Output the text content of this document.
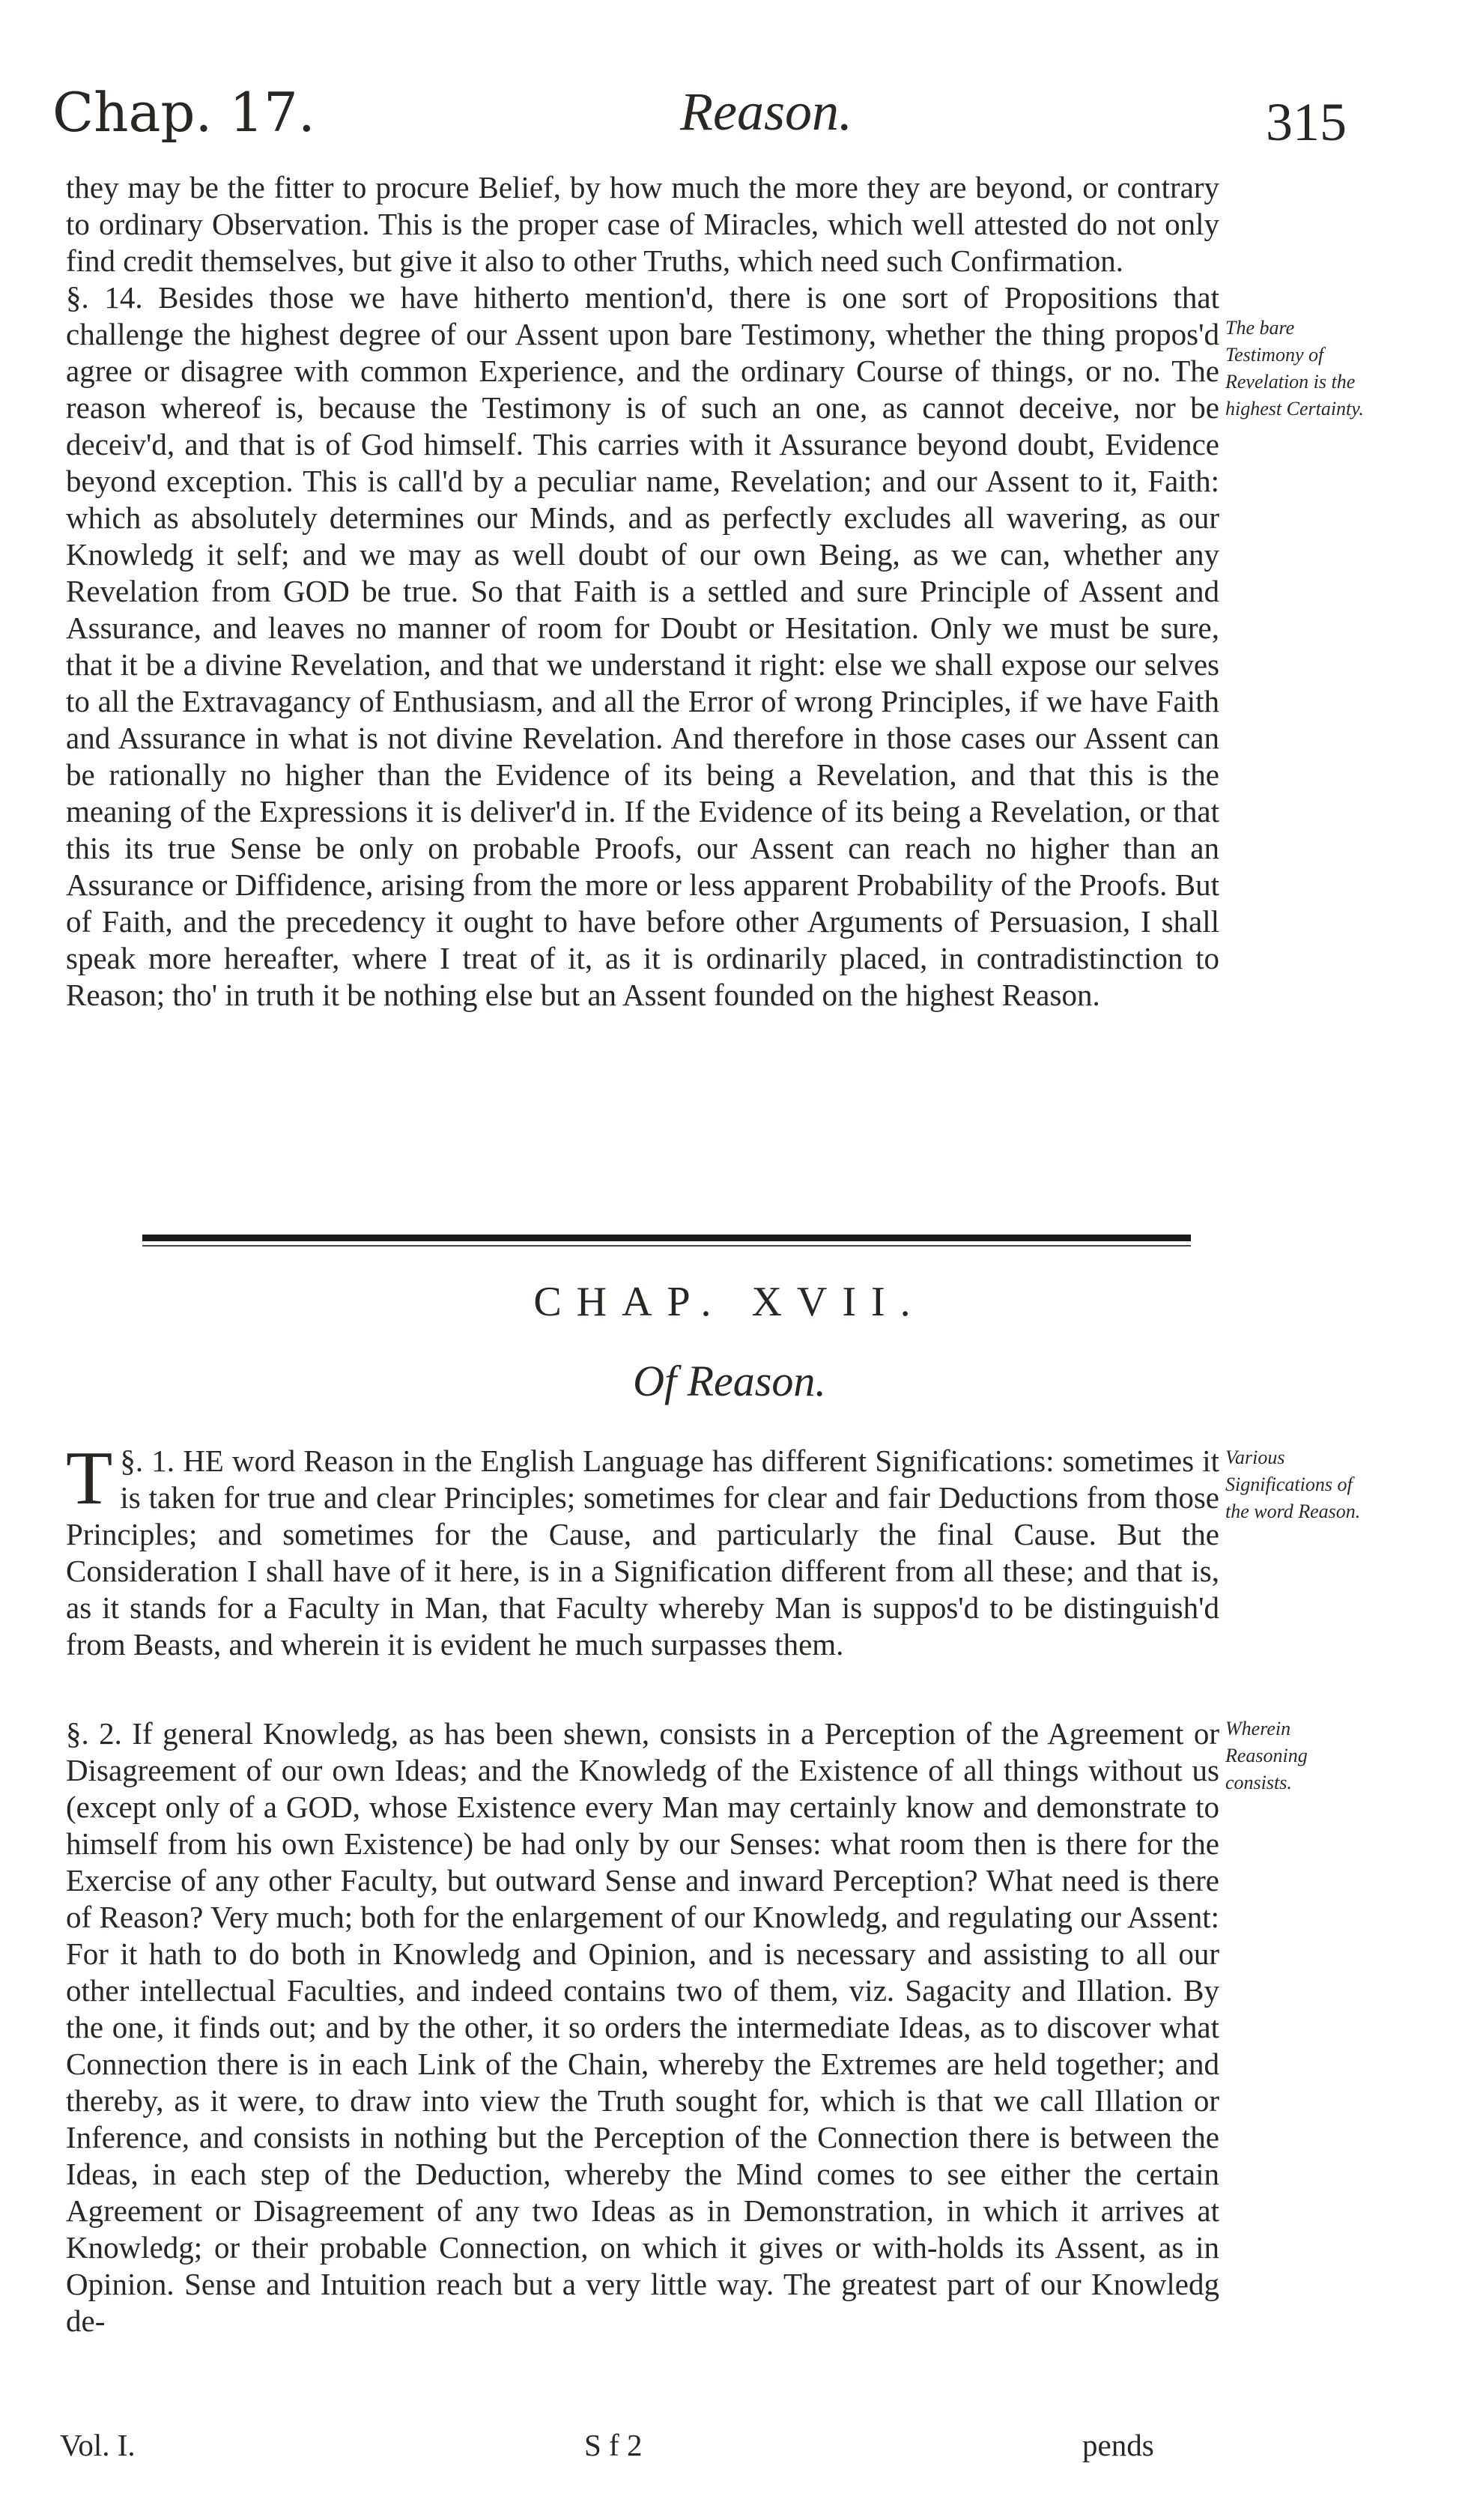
Chap. 17.	Reason.	315

they may be the fitter to procure Belief, by how much the more they are beyond, or contrary to ordinary Observation. This is the proper case of Miracles, which well attested do not only find credit themselves, but give it also to other Truths, which need such Confirmation.

§. 14. Besides those we have hitherto mention'd, there is one sort of Propositions that challenge the highest degree of our Assent upon bare Testimony, whether the thing propos'd agree or disagree with common Experience, and the ordinary Course of things, or no. The reason whereof is, because the Testimony is of such an one, as cannot deceive, nor be deceiv'd, and that is of God himself. This carries with it Assurance beyond doubt, Evidence beyond exception. This is call'd by a peculiar name, Revelation; and our Assent to it, Faith: which as absolutely determines our Minds, and as perfectly excludes all wavering, as our Knowledg it self; and we may as well doubt of our own Being, as we can, whether any Revelation from GOD be true. So that Faith is a settled and sure Principle of Assent and Assurance, and leaves no manner of room for Doubt or Hesitation. Only we must be sure, that it be a divine Revelation, and that we understand it right: else we shall expose our selves to all the Extravagancy of Enthusiasm, and all the Error of wrong Principles, if we have Faith and Assurance in what is not divine Revelation. And therefore in those cases our Assent can be rationally no higher than the Evidence of its being a Revelation, and that this is the meaning of the Expressions it is deliver'd in. If the Evidence of its being a Revelation, or that this its true Sense be only on probable Proofs, our Assent can reach no higher than an Assurance or Diffidence, arising from the more or less apparent Probability of the Proofs. But of Faith, and the precedency it ought to have before other Arguments of Persuasion, I shall speak more hereafter, where I treat of it, as it is ordinarily placed, in contradistinction to Reason; tho' in truth it be nothing else but an Assent founded on the highest Reason.

The bare Testimony of Revelation is the highest Certainty.
CHAP. XVII.
Of Reason.

§. 1.
T HE word Reason in the English Language has different Significations: sometimes it is taken for true and clear Principles; sometimes for clear and fair Deductions from those Principles; and sometimes for the Cause, and particularly the final Cause. But the Consideration I shall have of it here, is in a Signification different from all these; and that is, as it stands for a Faculty in Man, that Faculty whereby Man is suppos'd to be distinguish'd from Beasts, and wherein it is evident he much surpasses them.

Various Significations of the word Reason.

§. 2. If general Knowledg, as has been shewn, consists in a Perception of the Agreement or Disagreement of our own Ideas; and the Knowledg of the Existence of all things without us (except only of a GOD, whose Existence every Man may certainly know and demonstrate to himself from his own Existence) be had only by our Senses: what room then is there for the Exercise of any other Faculty, but outward Sense and inward Perception? What need is there of Reason? Very much; both for the enlargement of our Knowledg, and regulating our Assent: For it hath to do both in Knowledg and Opinion, and is necessary and assisting to all our other intellectual Faculties, and indeed contains two of them, viz. Sagacity and Illation. By the one, it finds out; and by the other, it so orders the intermediate Ideas, as to discover what Connection there is in each Link of the Chain, whereby the Extremes are held together; and thereby, as it were, to draw into view the Truth sought for, which is that we call Illation or Inference, and consists in nothing but the Perception of the Connection there is between the Ideas, in each step of the Deduction, whereby the Mind comes to see either the certain Agreement or Disagreement of any two Ideas as in Demonstration, in which it arrives at Knowledg; or their probable Connection, on which it gives or with-holds its Assent, as in Opinion. Sense and Intuition reach but a very little way. The greatest part of our Knowledg de-

Wherein Reasoning consists.
Vol. I.	S f 2	pends
